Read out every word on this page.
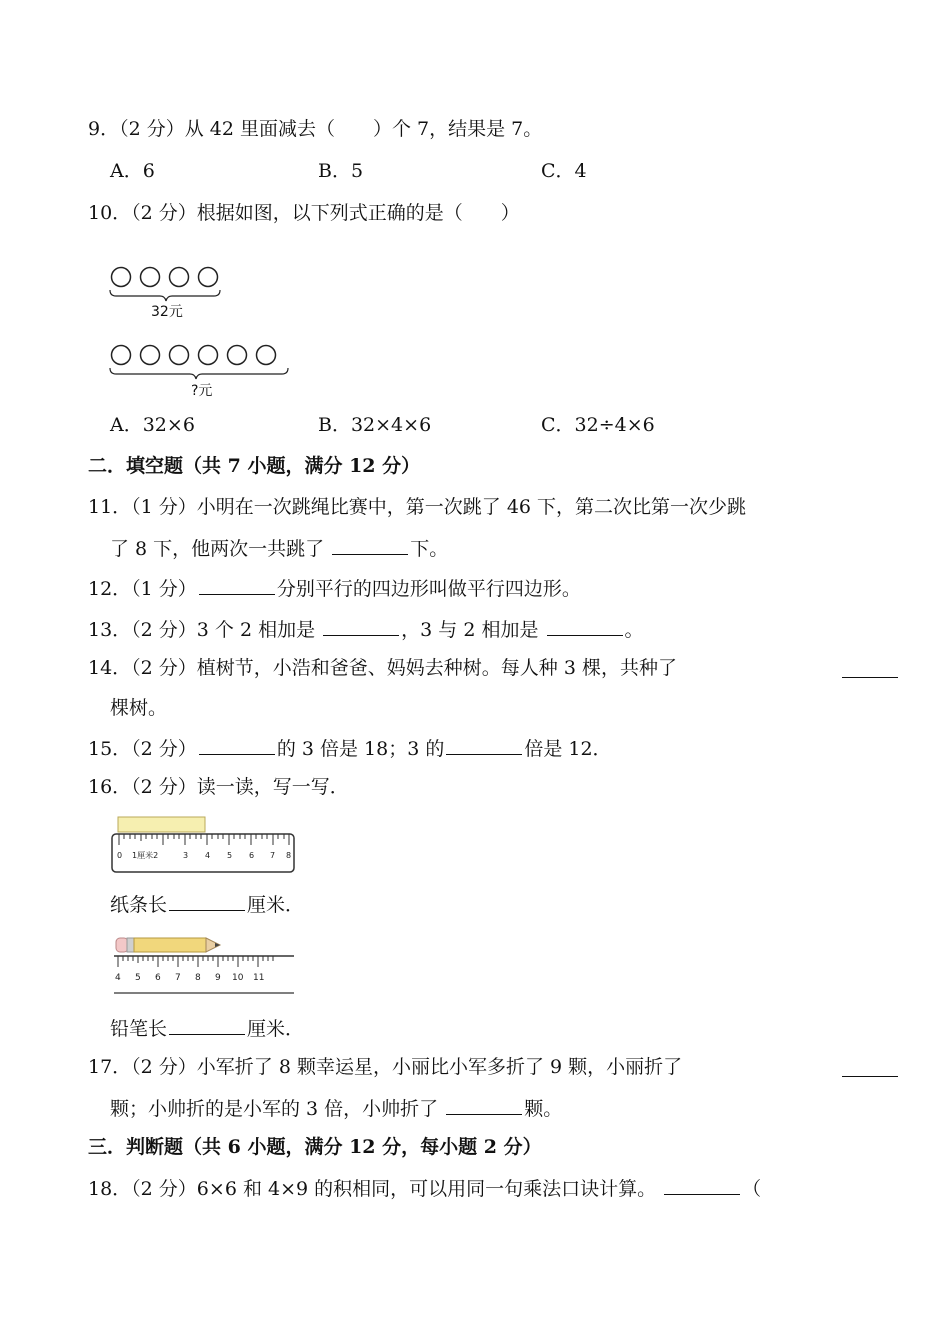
9．（2 分）从 42 里面减去（　　）个 7，结果是 7。
A．6	B．5	C．4
10．（2 分）根据如图，以下列式正确的是（　　）
32元
?元
A．32×6	B．32×4×6	C．32÷4×6
二．填空题（共 7 小题，满分 12 分）
11．（1 分）小明在一次跳绳比赛中，第一次跳了 46 下，第二次比第一次少跳
了 8 下，他两次一共跳了	下。
12．（1 分）	分别平行的四边形叫做平行四边形。
13．（2 分）3 个 2 相加是	，3 与 2 相加是	。
14．（2 分）植树节，小浩和爸爸、妈妈去种树。每人种 3 棵，共种了
棵树。
15．（2 分）	的 3 倍是 18；3 的	倍是 12．
16．（2 分）读一读，写一写．
0 1厘米2	3 4 5 6 7 8
纸条长	厘米．
4 5 6 7 8 9 10 11
铅笔长	厘米．
17．（2 分）小军折了 8 颗幸运星，小丽比小军多折了 9 颗，小丽折了
颗；小帅折的是小军的 3 倍，小帅折了	颗。
三．判断题（共 6 小题，满分 12 分，每小题 2 分）
18．（2 分）6×6 和 4×9 的积相同，可以用同一句乘法口诀计算。	（
